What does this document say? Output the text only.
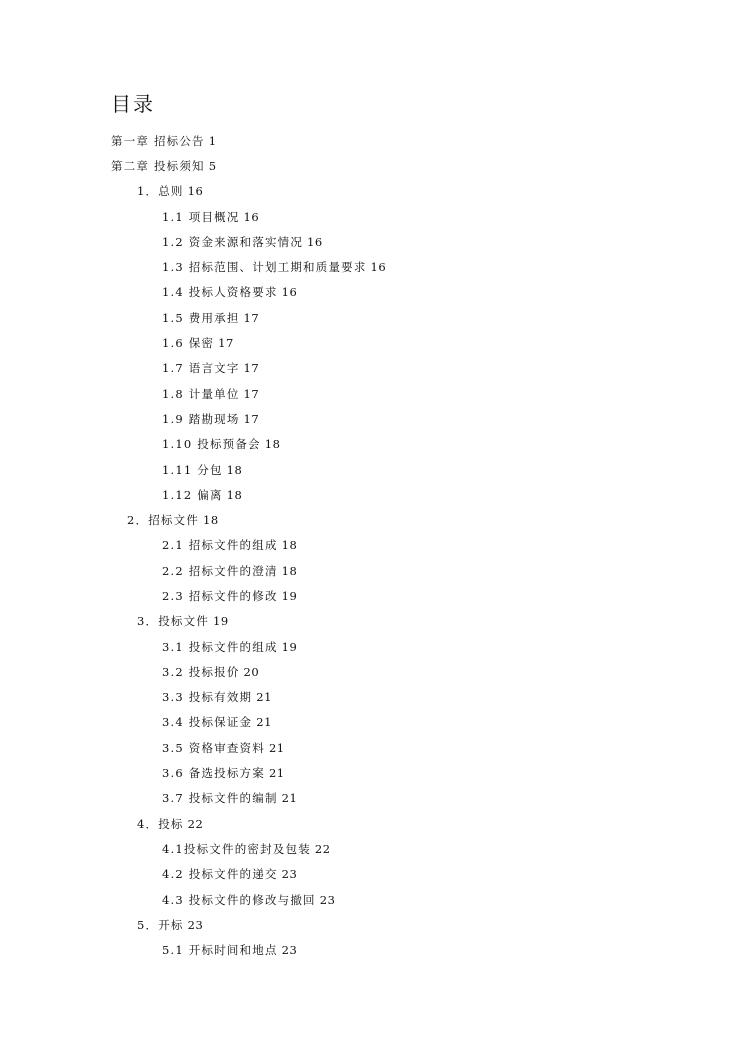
目录
第一章 招标公告 1
第二章 投标须知 5
1．总则 16
1.1 项目概况 16
1.2 资金来源和落实情况 16
1.3 招标范围、计划工期和质量要求 16
1.4 投标人资格要求 16
1.5 费用承担 17
1.6 保密 17
1.7 语言文字 17
1.8 计量单位 17
1.9 踏勘现场 17
1.10 投标预备会 18
1.11 分包 18
1.12 偏离 18
2．招标文件 18
2.1 招标文件的组成 18
2.2 招标文件的澄清 18
2.3 招标文件的修改 19
3．投标文件 19
3.1 投标文件的组成 19
3.2 投标报价 20
3.3 投标有效期 21
3.4 投标保证金 21
3.5 资格审查资料 21
3.6 备选投标方案 21
3.7 投标文件的编制 21
4．投标 22
4.1投标文件的密封及包装 22
4.2 投标文件的递交 23
4.3 投标文件的修改与撤回 23
5．开标 23
5.1 开标时间和地点 23
